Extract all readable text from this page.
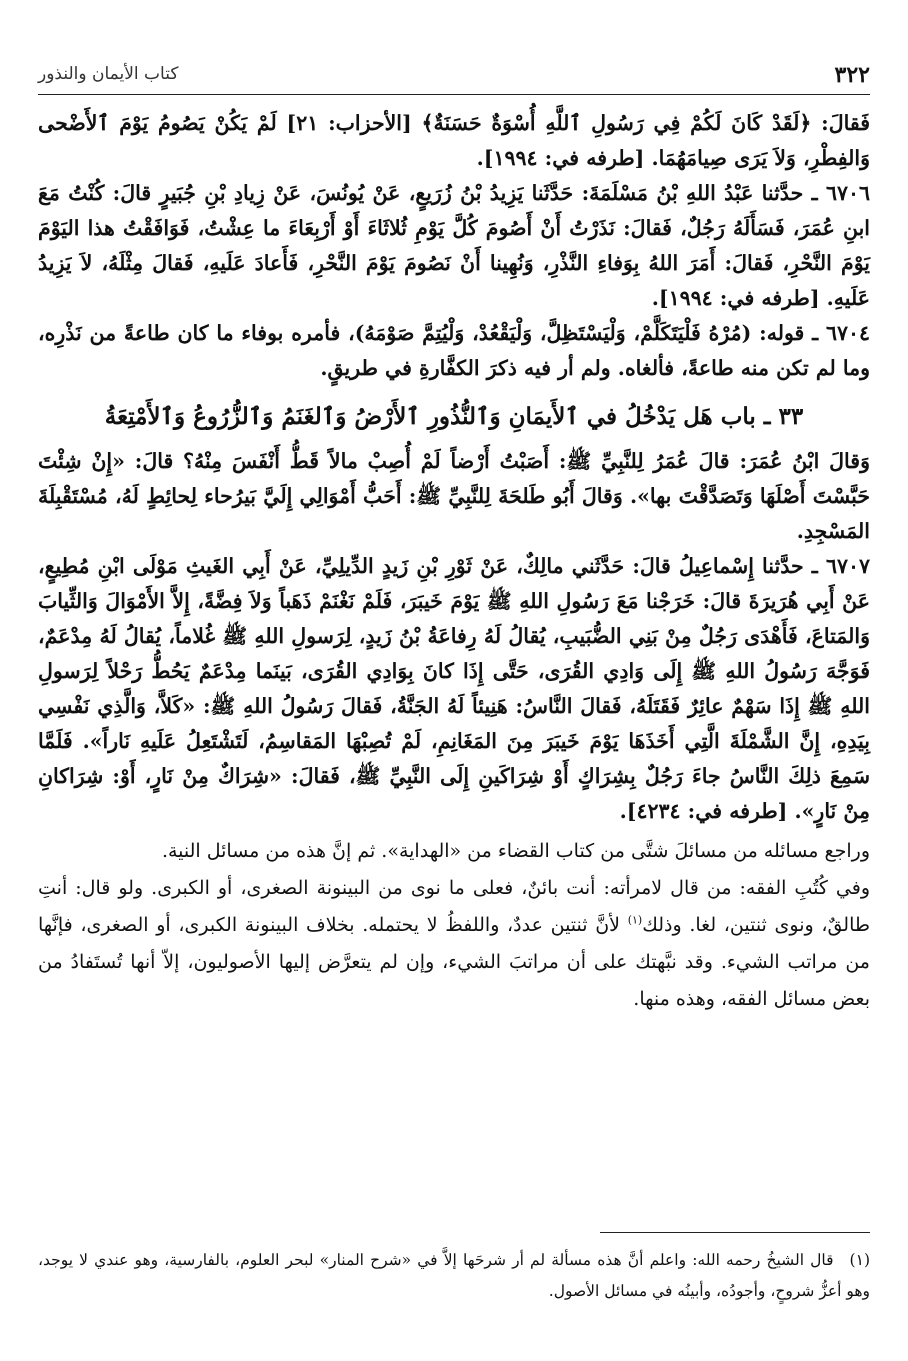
٣٢٢
كتاب الأيمان والنذور

فَقالَ: ﴿لَقَدْ كَانَ لَكُمْ فِي رَسُولِ ٱللَّهِ أُسْوَةٌ حَسَنَةٌ﴾ [الأحزاب: ٢١] لَمْ يَكُنْ يَصُومُ يَوْمَ ٱلأَضْحى وَالفِطْرِ، وَلاَ يَرَى صِيامَهُمَا. [طرفه في: ١٩٩٤].

٦٧٠٦ ـ حدَّثنا عَبْدُ اللهِ بْنُ مَسْلَمَةَ: حَدَّثَنا يَزِيدُ بْنُ زُرَيعٍ، عَنْ يُونُسَ، عَنْ زِيادِ بْنِ جُبَيرٍ قالَ: كُنْتُ مَعَ ابنِ عُمَرَ، فَسَأَلَهُ رَجُلٌ، فَقالَ: نَذَرْتُ أَنْ أَصُومَ كُلَّ يَوْمِ ثُلاثَاءَ أَوْ أَرْبِعَاءَ ما عِشْتُ، فَوَافَقْتُ هذا اليَوْمَ يَوْمَ النَّحْرِ، فَقالَ: أَمَرَ اللهُ بِوَفاءِ النَّذْرِ، وَنُهِينا أَنْ نَصُومَ يَوْمَ النَّحْرِ، فَأَعادَ عَلَيهِ، فَقالَ مِثْلَهُ، لاَ يَزِيدُ عَلَيهِ. [طرفه في: ١٩٩٤].

٦٧٠٤ ـ قوله: (مُرْهُ فَلْيَتَكَلَّمْ، وَلْيَسْتَظِلَّ، وَلْيَقْعُدْ، وَلْيُتِمَّ صَوْمَهُ)، فأمره بوفاء ما كان طاعةً من نَذْرِه، وما لم تكن منه طاعةً، فألغاه. ولم أر فيه ذكرَ الكفَّارةِ في طريقٍ.

٣٣ ـ باب هَل يَدْخُلُ في ٱلأَيمَانِ وَٱلنُّذُورِ ٱلأَرْضُ وَٱلغَنَمُ وَٱلزُّرُوعُ وَٱلأَمْتِعَةُ

وَقالَ ابْنُ عُمَرَ: قالَ عُمَرُ لِلنَّبِيِّ ﷺ: أَصَبْتُ أَرْضاً لَمْ أُصِبْ مالاً قَطُّ أَنْفَسَ مِنْهُ؟ قالَ: «إِنْ شِئْتَ حَبَّسْتَ أَصْلَهَا وَتَصَدَّقْتَ بها». وَقالَ أَبُو طَلحَةَ لِلنَّبِيِّ ﷺ: أَحَبُّ أَمْوَالِي إِلَيَّ بَيرُحاء لِحائِطٍ لَهُ، مُسْتَقْبِلَةَ المَسْجِدِ.

٦٧٠٧ ـ حدَّثنا إِسْماعِيلُ قالَ: حَدَّثَني مالِكٌ، عَنْ ثَوْرِ بْنِ زَيدٍ الدِّيلِيِّ، عَنْ أَبِي الغَيثِ مَوْلَى ابْنِ مُطِيعٍ، عَنْ أَبِي هُرَيرَةَ قالَ: خَرَجْنا مَعَ رَسُولِ اللهِ ﷺ يَوْمَ خَيبَرَ، فَلَمْ نَغْنَمْ ذَهَباً وَلاَ فِضَّةً، إِلاَّ الأَمْوَالَ وَالثِّيابَ وَالمَتاعَ، فَأَهْدَى رَجُلٌ مِنْ بَنِي الضُّبَيبِ، يُقالُ لَهُ رِفاعَةُ بْنُ زَيدٍ، لِرَسولِ اللهِ ﷺ غُلاماً، يُقالُ لَهُ مِدْعَمٌ، فَوَجَّهَ رَسُولُ اللهِ ﷺ إِلَى وَادِي القُرَى، حَتَّى إِذَا كانَ بِوَادِي القُرَى، بَينَما مِدْعَمٌ يَحُطُّ رَحْلاً لِرَسولِ اللهِ ﷺ إِذَا سَهْمٌ عائِرٌ فَقَتَلَهُ، فَقالَ النَّاسُ: هَنِيئاً لَهُ الجَنَّةُ، فَقالَ رَسُولُ اللهِ ﷺ: «كَلاَّ، وَالَّذِي نَفْسِي بِيَدِهِ، إِنَّ الشَّمْلَةَ الَّتِي أَخَذَهَا يَوْمَ خَيبَرَ مِنَ المَغَانِمِ، لَمْ تُصِبْهَا المَقاسِمُ، لَتَشْتَعِلُ عَلَيهِ نَاراً». فَلَمَّا سَمِعَ ذلِكَ النَّاسُ جاءَ رَجُلٌ بِشِرَاكٍ أَوْ شِرَاكَينِ إِلَى النَّبِيِّ ﷺ، فَقالَ: «شِرَاكٌ مِنْ نَارٍ، أَوْ: شِرَاكانِ مِنْ نَارٍ». [طرفه في: ٤٢٣٤].

وراجع مسائله من مسائلَ شتَّى من كتاب القضاء من «الهداية». ثم إنَّ هذه من مسائل النية.

وفي كُتُبِ الفقه: من قال لامرأته: أنت بائنٌ، فعلى ما نوى من البينونة الصغرى، أو الكبرى. ولو قال: أنتِ طالقٌ، ونوى ثنتين، لغا. وذلك$^{(١)}$ لأنَّ ثنتين عددٌ، واللفظُ لا يحتمله. بخلاف البينونة الكبرى، أو الصغرى، فإنَّها من مراتب الشيء. وقد نبَّهتك على أن مراتبَ الشيء، وإن لم يتعرَّض إليها الأصوليون، إلاّ أنها تُستَفادُ من بعض مسائل الفقه، وهذه منها.

(١)قال الشيخُ رحمه الله: واعلم أنَّ هذه مسألة لم أر شرحَها إلاَّ في «شرح المنار» لبحر العلوم، بالفارسية، وهو عندي لا يوجد، وهو أعزُّ شروحٍ، وأجودُه، وأبينُه في مسائل الأصول.
